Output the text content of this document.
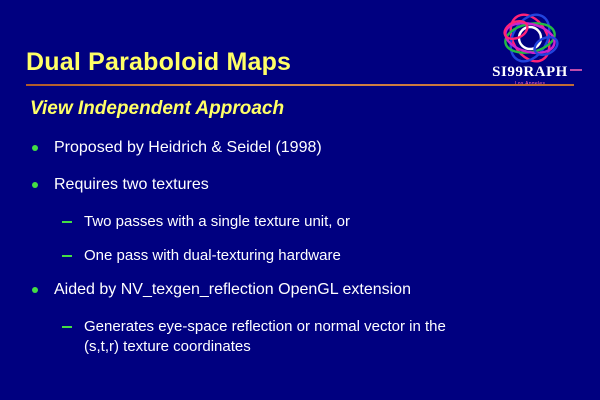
SI99RAPH
Dual Paraboloid Maps
View Independent Approach
Proposed by Heidrich & Seidel (1998)
Requires two textures
Two passes with a single texture unit, or
One pass with dual-texturing hardware
Aided by NV_texgen_reflection OpenGL extension
Generates eye-space reflection or normal vector in the
(s,t,r) texture coordinates
